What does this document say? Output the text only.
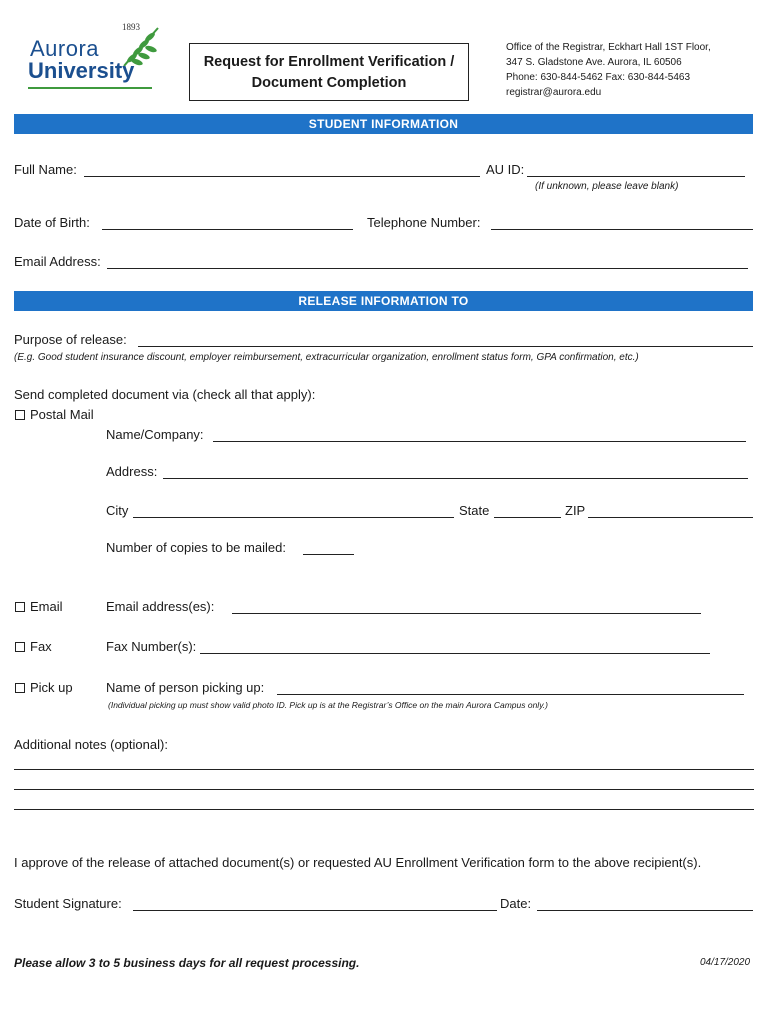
1893
Aurora
University	Request for Enrollment Verification /
Document Completion
Office of the Registrar, Eckhart Hall 1ST Floor,
347 S. Gladstone Ave. Aurora, IL 60506
Phone: 630-844-5462 Fax: 630-844-5463
registrar@aurora.edu
STUDENT INFORMATION
Full Name:	AU ID:
(If unknown, please leave blank)
Date of Birth:	Telephone Number:
Email Address:
RELEASE INFORMATION TO
Purpose of release:
(E.g. Good student insurance discount, employer reimbursement, extracurricular organization, enrollment status form, GPA confirmation, etc.)
Send completed document via (check all that apply):
Postal Mail
Name/Company:
Address:
City	State	ZIP
Number of copies to be mailed:
Email	Email address(es):
Fax	Fax Number(s):
Pick up	Name of person picking up:
(Individual picking up must show valid photo ID. Pick up is at the Registrar’s Office on the main Aurora Campus only.)
Additional notes (optional):
I approve of the release of attached document(s) or requested AU Enrollment Verification form to the above recipient(s).
Student Signature:	Date:
Please allow 3 to 5 business days for all request processing.	04/17/2020
